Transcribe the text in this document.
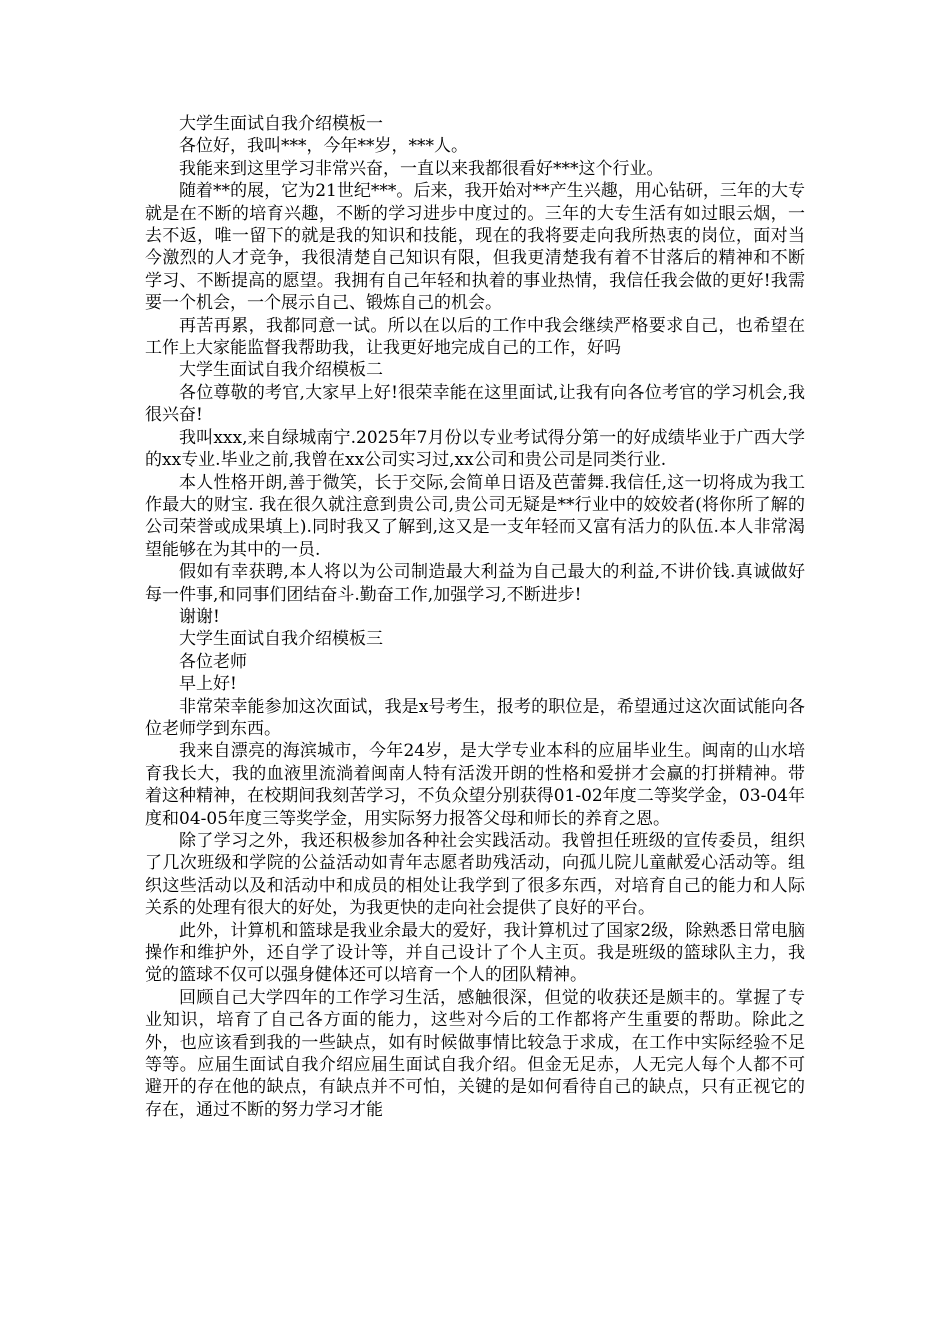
大学生面试自我介绍模板一

各位好，我叫***，今年**岁，***人。

我能来到这里学习非常兴奋，一直以来我都很看好***这个行业。

随着**的展，它为21世纪***。后来，我开始对**产生兴趣，用心钻研，三年的大专就是在不断的培育兴趣，不断的学习进步中度过的。三年的大专生活有如过眼云烟，一去不返，唯一留下的就是我的知识和技能，现在的我将要走向我所热衷的岗位，面对当今激烈的人才竞争，我很清楚自己知识有限，但我更清楚我有着不甘落后的精神和不断学习、不断提高的愿望。我拥有自己年轻和执着的事业热情，我信任我会做的更好!我需要一个机会，一个展示自己、锻炼自己的机会。

再苦再累，我都同意一试。所以在以后的工作中我会继续严格要求自己，也希望在工作上大家能监督我帮助我，让我更好地完成自己的工作，好吗

大学生面试自我介绍模板二

各位尊敬的考官,大家早上好!很荣幸能在这里面试,让我有向各位考官的学习机会,我很兴奋!

我叫xxx,来自绿城南宁.2025年7月份以专业考试得分第一的好成绩毕业于广西大学的xx专业.毕业之前,我曾在xx公司实习过,xx公司和贵公司是同类行业.

本人性格开朗,善于微笑，长于交际,会简单日语及芭蕾舞.我信任,这一切将成为我工作最大的财宝. 我在很久就注意到贵公司,贵公司无疑是**行业中的姣姣者(将你所了解的公司荣誉或成果填上).同时我又了解到,这又是一支年轻而又富有活力的队伍.本人非常渴望能够在为其中的一员.

假如有幸获聘,本人将以为公司制造最大利益为自己最大的利益,不讲价钱.真诚做好每一件事,和同事们团结奋斗.勤奋工作,加强学习,不断进步!

谢谢!

大学生面试自我介绍模板三

各位老师

早上好!

非常荣幸能参加这次面试，我是x号考生，报考的职位是，希望通过这次面试能向各位老师学到东西。

我来自漂亮的海滨城市，今年24岁，是大学专业本科的应届毕业生。闽南的山水培育我长大，我的血液里流淌着闽南人特有活泼开朗的性格和爱拼才会赢的打拼精神。带着这种精神，在校期间我刻苦学习，不负众望分别获得01-02年度二等奖学金，03-04年度和04-05年度三等奖学金，用实际努力报答父母和师长的养育之恩。

除了学习之外，我还积极参加各种社会实践活动。我曾担任班级的宣传委员，组织了几次班级和学院的公益活动如青年志愿者助残活动，向孤儿院儿童献爱心活动等。组织这些活动以及和活动中和成员的相处让我学到了很多东西，对培育自己的能力和人际关系的处理有很大的好处，为我更快的走向社会提供了良好的平台。

此外，计算机和篮球是我业余最大的爱好，我计算机过了国家2级，除熟悉日常电脑操作和维护外，还自学了设计等，并自己设计了个人主页。我是班级的篮球队主力，我觉的篮球不仅可以强身健体还可以培育一个人的团队精神。

回顾自己大学四年的工作学习生活，感触很深，但觉的收获还是颇丰的。掌握了专业知识，培育了自己各方面的能力，这些对今后的工作都将产生重要的帮助。除此之外，也应该看到我的一些缺点，如有时候做事情比较急于求成，在工作中实际经验不足等等。应届生面试自我介绍应届生面试自我介绍。但金无足赤，人无完人每个人都不可避开的存在他的缺点，有缺点并不可怕，关键的是如何看待自己的缺点，只有正视它的存在，通过不断的努力学习才能
